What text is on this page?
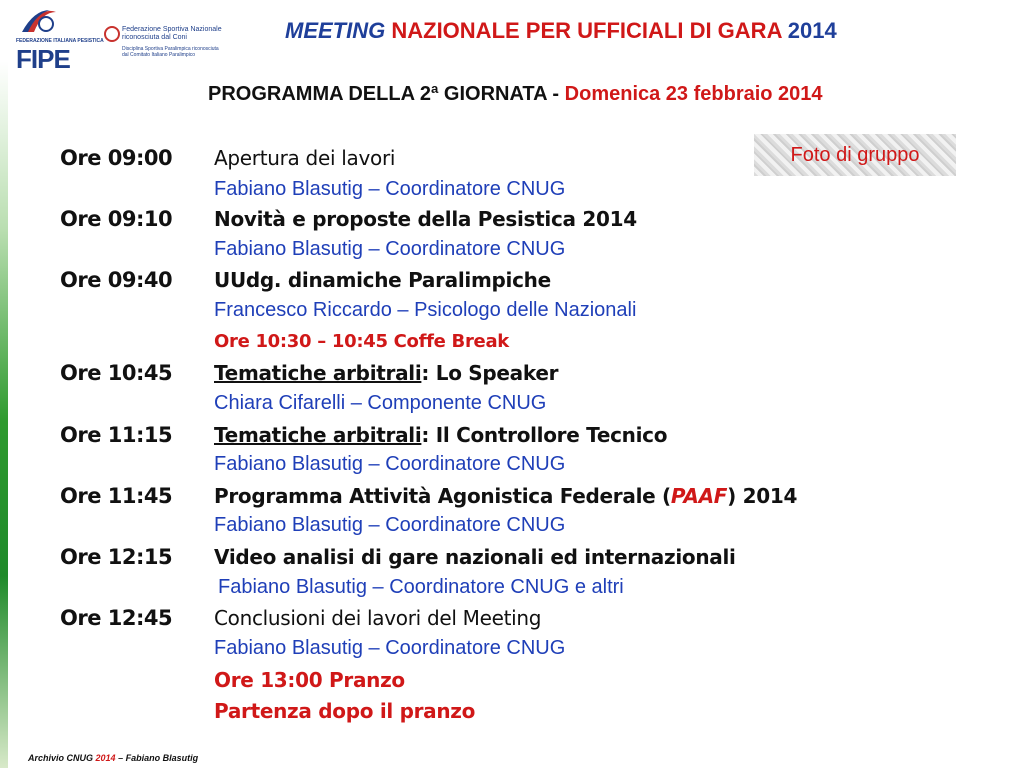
FEDERAZIONE ITALIANA PESISTICA
FIPE
Federazione Sportiva Nazionale
riconosciuta dal Coni
Disciplina Sportiva Paralimpica riconosciuta dal Comitato Italiano Paralimpico
MEETING NAZIONALE PER UFFICIALI DI GARA 2014
PROGRAMMA DELLA 2ª GIORNATA - Domenica 23 febbraio 2014
Foto di gruppo
Ore 09:00 Apertura dei lavori
Fabiano Blasutig – Coordinatore CNUG
Ore 09:10 Novità e proposte della Pesistica 2014
Fabiano Blasutig – Coordinatore CNUG
Ore 09:40 UUdg. dinamiche Paralimpiche
Francesco Riccardo – Psicologo delle Nazionali
Ore 10:30 – 10:45 Coffe Break
Ore 10:45 Tematiche arbitrali: Lo Speaker
Chiara Cifarelli – Componente CNUG
Ore 11:15 Tematiche arbitrali: Il Controllore Tecnico
Fabiano Blasutig – Coordinatore CNUG
Ore 11:45 Programma Attività Agonistica Federale (PAAF) 2014
Fabiano Blasutig – Coordinatore CNUG
Ore 12:15 Video analisi di gare nazionali ed internazionali
Fabiano Blasutig – Coordinatore CNUG e altri
Ore 12:45 Conclusioni dei lavori del Meeting
Fabiano Blasutig – Coordinatore CNUG
Ore 13:00 Pranzo
Partenza dopo il pranzo
Archivio CNUG 2014 – Fabiano Blasutig
